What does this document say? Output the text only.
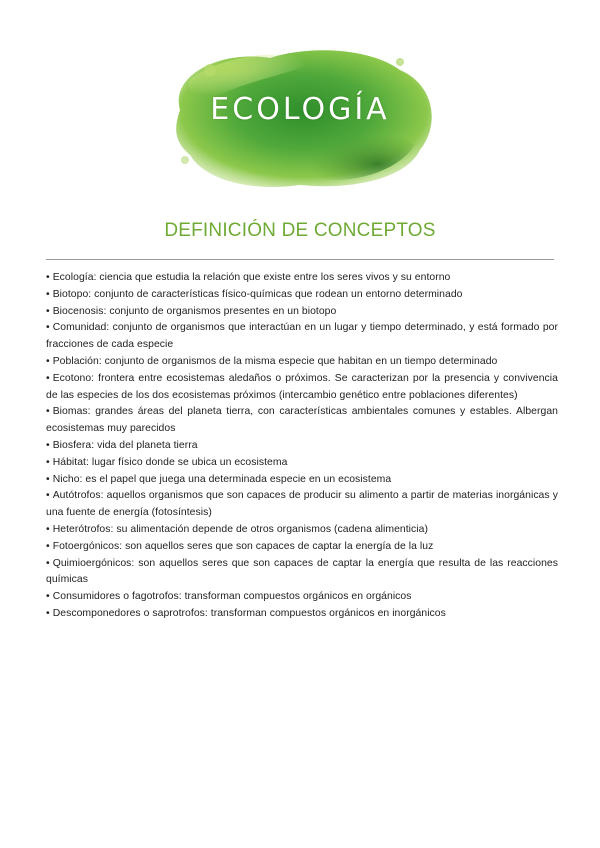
ECOLOGÍA
DEFINICIÓN DE CONCEPTOS
• Ecología: ciencia que estudia la relación que existe entre los seres vivos y su entorno
• Biotopo: conjunto de características físico-químicas que rodean un entorno determinado
• Biocenosis: conjunto de organismos presentes en un biotopo
• Comunidad: conjunto de organismos que interactúan en un lugar y tiempo determinado, y está formado por fracciones de cada especie
• Población: conjunto de organismos de la misma especie que habitan en un tiempo determinado
• Ecotono: frontera entre ecosistemas aledaños o próximos. Se caracterizan por la presencia y convivencia de las especies de los dos ecosistemas próximos (intercambio genético entre poblaciones diferentes)
• Biomas: grandes áreas del planeta tierra, con características ambientales comunes y estables. Albergan ecosistemas muy parecidos
• Biosfera: vida del planeta tierra
• Hábitat: lugar físico donde se ubica un ecosistema
• Nicho: es el papel que juega una determinada especie en un ecosistema
• Autótrofos: aquellos organismos que son capaces de producir su alimento a partir de materias inorgánicas y una fuente de energía (fotosíntesis)
• Heterótrofos: su alimentación depende de otros organismos (cadena alimenticia)
• Fotoergónicos: son aquellos seres que son capaces de captar la energía de la luz
• Quimioergónicos: son aquellos seres que son capaces de captar la energía que resulta de las reacciones químicas
• Consumidores o fagotrofos: transforman compuestos orgánicos en orgánicos
• Descomponedores o saprotrofos: transforman compuestos orgánicos en inorgánicos
